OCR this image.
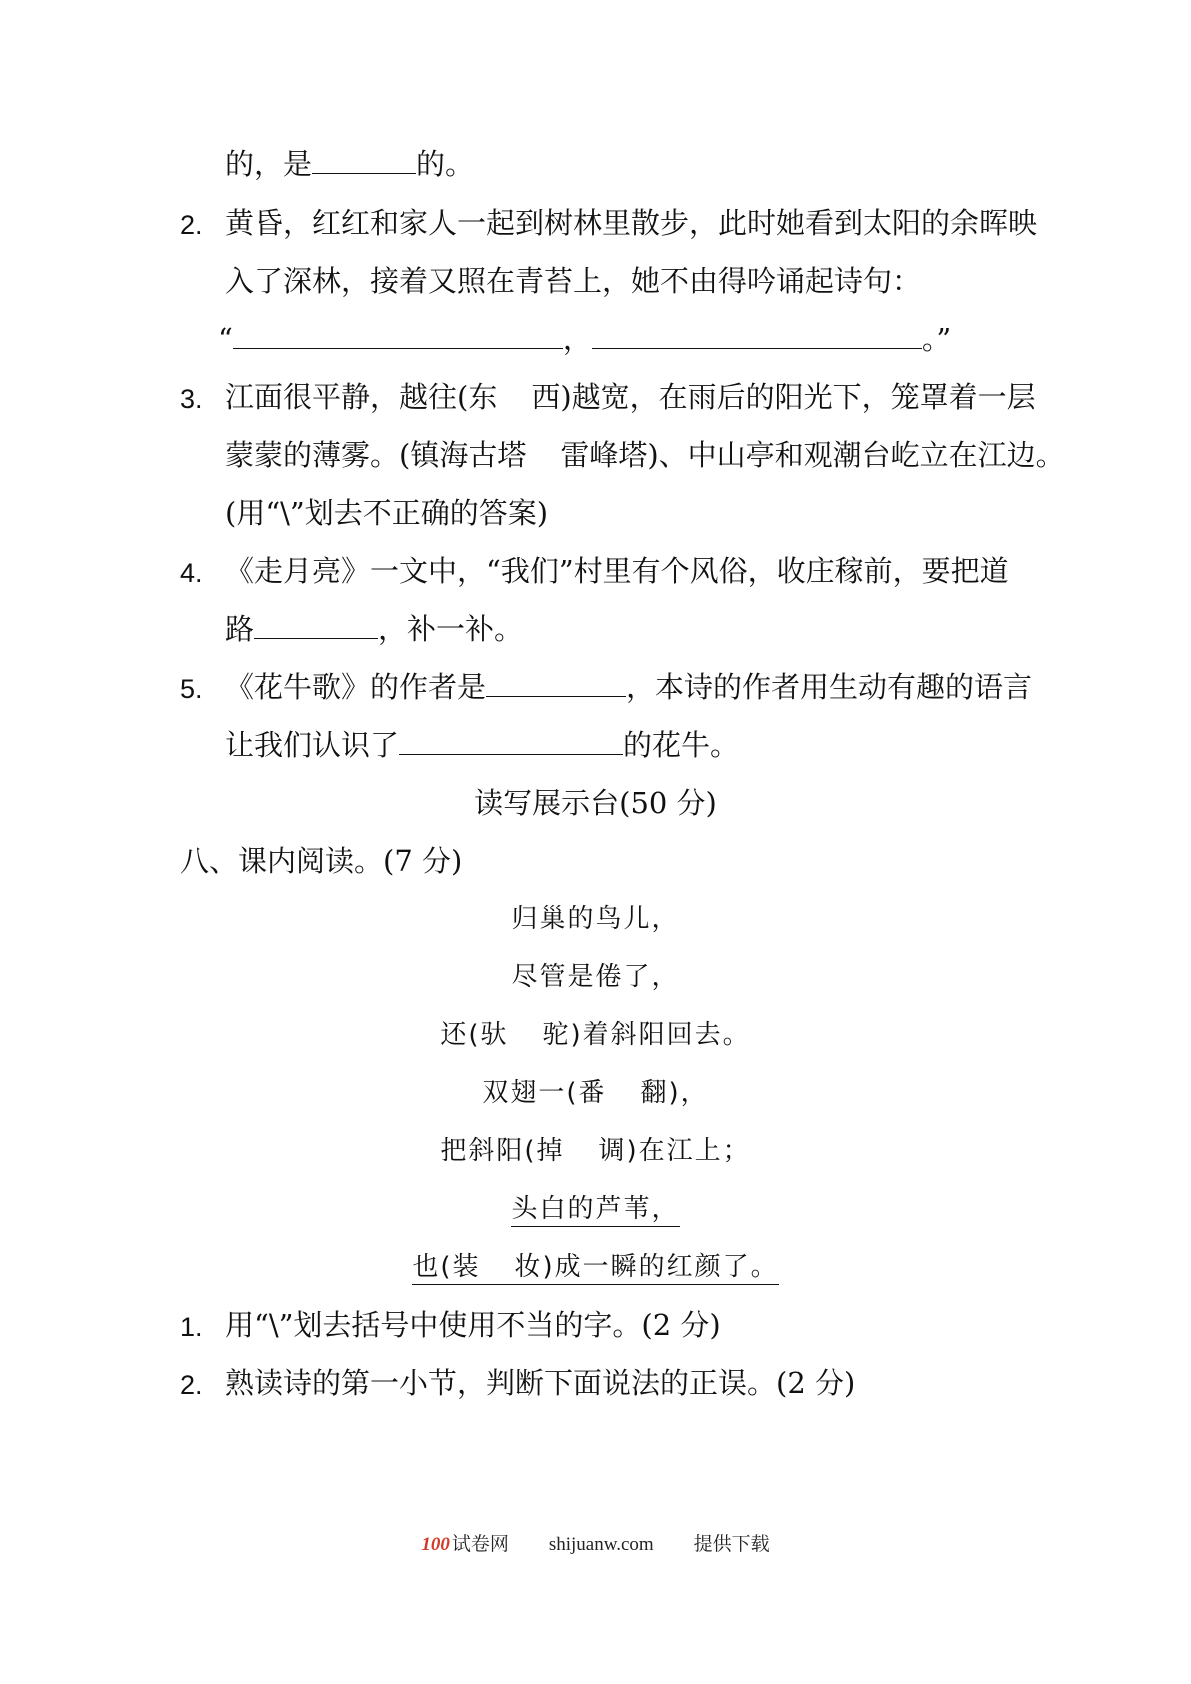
的，是	的。
2. 黄昏，红红和家人一起到树林里散步，此时她看到太阳的余晖映
入了深林，接着又照在青苔上，她不由得吟诵起诗句：
“	，	。”
3. 江面很平静，越往(东 西)越宽，在雨后的阳光下，笼罩着一层
蒙蒙的薄雾。(镇海古塔 雷峰塔)、中山亭和观潮台屹立在江边。
(用“\”划去不正确的答案)
4. 《走月亮》一文中，“我们”村里有个风俗，收庄稼前，要把道
路	，补一补。
5. 《花牛歌》的作者是	，本诗的作者用生动有趣的语言
让我们认识了	的花牛。
读写展示台(50 分)
八、课内阅读。(7 分)
归巢的鸟儿，
尽管是倦了，
还(驮 驼)着斜阳回去。
双翅一(番 翻)，
把斜阳(掉 调)在江上；
头白的芦苇，
也(装 妆)成一瞬的红颜了。
1. 用“\”划去括号中使用不当的字。(2 分)
2. 熟读诗的第一小节，判断下面说法的正误。(2 分)
100 试卷网 shijuanw.com 提供下载
